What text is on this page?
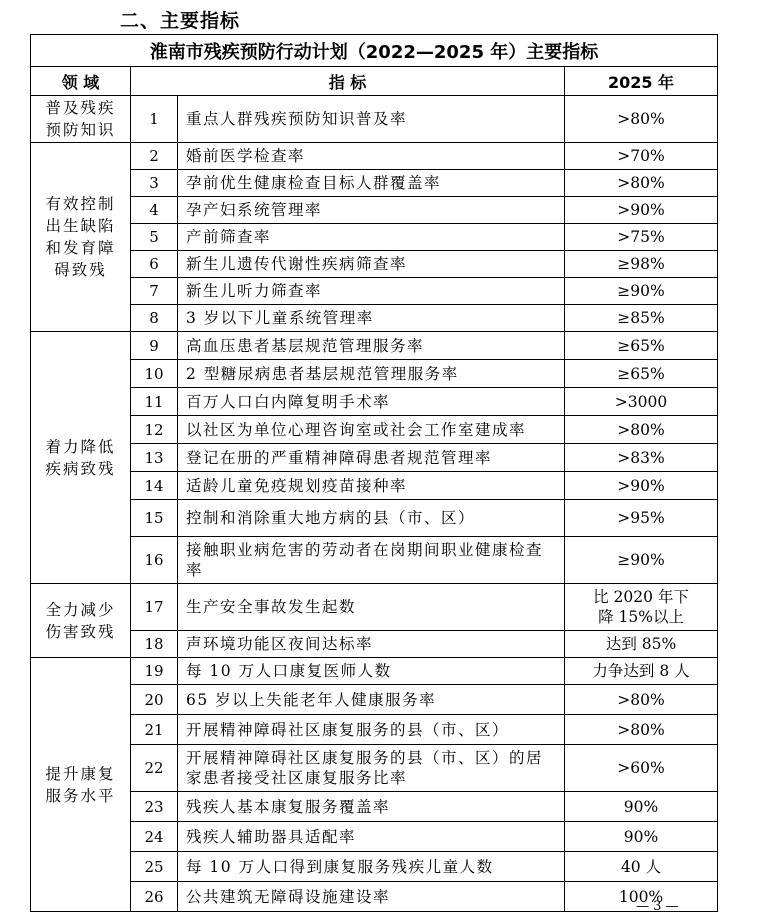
二、主要指标
淮南市残疾预防行动计划（2022—2025 年）主要指标			
领 域	指 标		2025 年
普及残疾预防知识	1	重点人群残疾预防知识普及率	>80%

有效控制出生缺陷和发育障碍致残	2	婚前医学检查率	>70%

	3	孕前优生健康检查目标人群覆盖率	>80%

	4	孕产妇系统管理率	>90%

	5	产前筛查率	>75%

	6	新生儿遗传代谢性疾病筛查率	≥98%

	7	新生儿听力筛查率	≥90%

	8	3 岁以下儿童系统管理率	≥85%

着力降低疾病致残	9	高血压患者基层规范管理服务率	≥65%

	10	2 型糖尿病患者基层规范管理服务率	≥65%

	11	百万人口白内障复明手术率	>3000

	12	以社区为单位心理咨询室或社会工作室建成率	>80%

	13	登记在册的严重精神障碍患者规范管理率	>83%

	14	适龄儿童免疫规划疫苗接种率	>90%

	15	控制和消除重大地方病的县（市、区）	>95%

	16	接触职业病危害的劳动者在岗期间职业健康检查率	≥90%

全力减少伤害致残	17	生产安全事故发生起数	比 2020 年下降 15%以上

	18	声环境功能区夜间达标率	达到 85%

提升康复服务水平	19	每 10 万人口康复医师人数	力争达到 8 人

	20	65 岁以上失能老年人健康服务率	>80%

	21	开展精神障碍社区康复服务的县（市、区）	>80%

	22	开展精神障碍社区康复服务的县（市、区）的居家患者接受社区康复服务比率	>60%

	23	残疾人基本康复服务覆盖率	90%

	24	残疾人辅助器具适配率	90%

	25	每 10 万人口得到康复服务残疾儿童人数	40 人

	26	公共建筑无障碍设施建设率	100%
— 3 —
